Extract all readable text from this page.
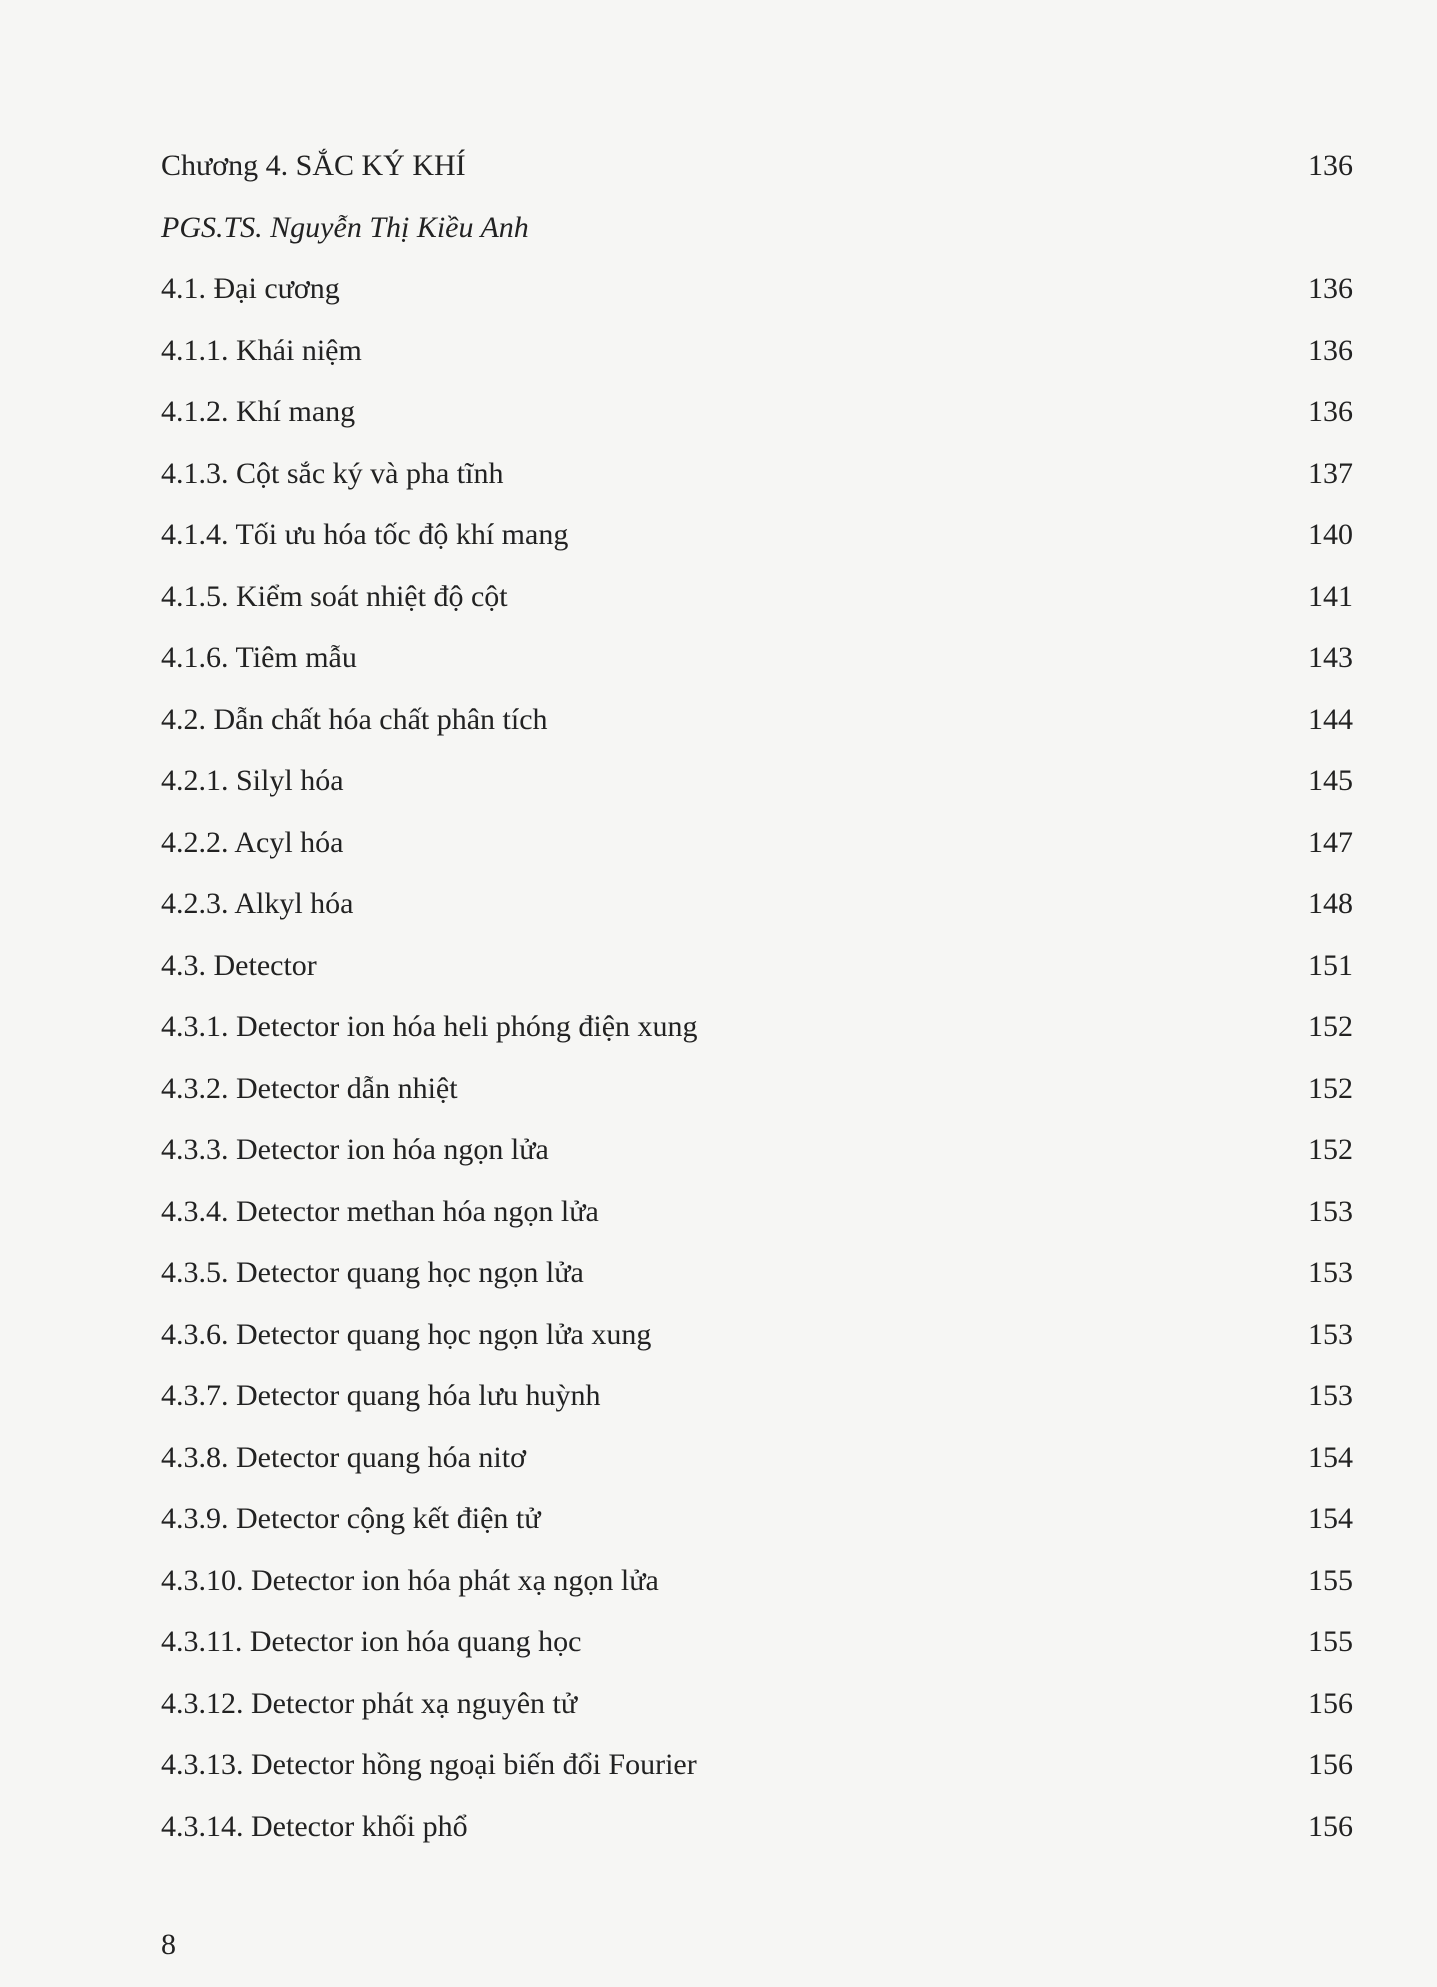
Chương 4. SẮC KÝ KHÍ	136
PGS.TS. Nguyễn Thị Kiều Anh
4.1. Đại cương	136
4.1.1. Khái niệm	136
4.1.2. Khí mang	136
4.1.3. Cột sắc ký và pha tĩnh	137
4.1.4. Tối ưu hóa tốc độ khí mang	140
4.1.5. Kiểm soát nhiệt độ cột	141
4.1.6. Tiêm mẫu	143
4.2. Dẫn chất hóa chất phân tích	144
4.2.1. Silyl hóa	145
4.2.2. Acyl hóa	147
4.2.3. Alkyl hóa	148
4.3. Detector	151
4.3.1. Detector ion hóa heli phóng điện xung	152
4.3.2. Detector dẫn nhiệt	152
4.3.3. Detector ion hóa ngọn lửa	152
4.3.4. Detector methan hóa ngọn lửa	153
4.3.5. Detector quang học ngọn lửa	153
4.3.6. Detector quang học ngọn lửa xung	153
4.3.7. Detector quang hóa lưu huỳnh	153
4.3.8. Detector quang hóa nitơ	154
4.3.9. Detector cộng kết điện tử	154
4.3.10. Detector ion hóa phát xạ ngọn lửa	155
4.3.11. Detector ion hóa quang học	155
4.3.12. Detector phát xạ nguyên tử	156
4.3.13. Detector hồng ngoại biến đổi Fourier	156
4.3.14. Detector khối phổ	156
8
